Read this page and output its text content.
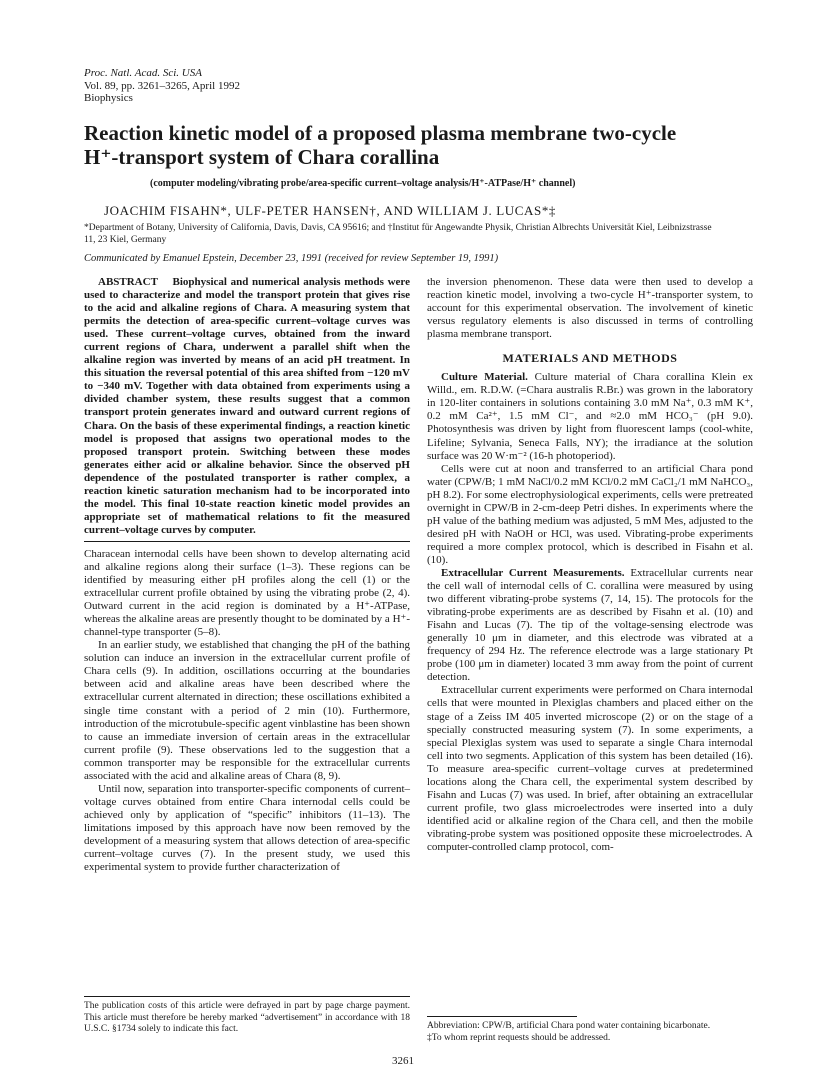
Proc. Natl. Acad. Sci. USA
Vol. 89, pp. 3261–3265, April 1992
Biophysics
Reaction kinetic model of a proposed plasma membrane two-cycle
H⁺-transport system of Chara corallina
(computer modeling/vibrating probe/area-specific current–voltage analysis/H⁺-ATPase/H⁺ channel)
JOACHIM FISAHN*, ULF-PETER HANSEN†, AND WILLIAM J. LUCAS*‡
*Department of Botany, University of California, Davis, Davis, CA 95616; and †Institut für Angewandte Physik, Christian Albrechts Universität Kiel, Leibnizstrasse 11, 23 Kiel, Germany
Communicated by Emanuel Epstein, December 23, 1991 (received for review September 19, 1991)

ABSTRACT Biophysical and numerical analysis methods were used to characterize and model the transport protein that gives rise to the acid and alkaline regions of Chara. A measuring system that permits the detection of area-specific current–voltage curves was used. These current–voltage curves, obtained from the inward current regions of Chara, underwent a parallel shift when the alkaline region was inverted by means of an acid pH treatment. In this situation the reversal potential of this area shifted from −120 mV to −340 mV. Together with data obtained from experiments using a divided chamber system, these results suggest that a common transport protein generates inward and outward current regions of Chara. On the basis of these experimental findings, a reaction kinetic model is proposed that assigns two operational modes to the proposed transport protein. Switching between these modes generates either acid or alkaline behavior. Since the observed pH dependence of the postulated transporter is rather complex, a reaction kinetic saturation mechanism had to be incorporated into the model. This final 10-state reaction kinetic model provides an appropriate set of mathematical relations to fit the measured current–voltage curves by computer.

Characean internodal cells have been shown to develop alternating acid and alkaline regions along their surface (1–3). These regions can be identified by measuring either pH profiles along the cell (1) or the extracellular current profile obtained by using the vibrating probe (2, 4). Outward current in the acid region is dominated by a H⁺-ATPase, whereas the alkaline areas are presently thought to be dominated by a H⁺-channel-type transporter (5–8).

In an earlier study, we established that changing the pH of the bathing solution can induce an inversion in the extracellular current profile of Chara cells (9). In addition, oscillations occurring at the boundaries between acid and alkaline areas have been described where the extracellular current alternated in direction; these oscillations exhibited a single time constant with a period of 2 min (10). Furthermore, introduction of the microtubule-specific agent vinblastine has been shown to cause an immediate inversion of certain areas in the extracellular current profile (9). These observations led to the suggestion that a common transporter may be responsible for the extracellular currents associated with the acid and alkaline areas of Chara (8, 9).

Until now, separation into transporter-specific components of current–voltage curves obtained from entire Chara internodal cells could be achieved only by application of “specific” inhibitors (11–13). The limitations imposed by this approach have now been removed by the development of a measuring system that allows detection of area-specific current–voltage curves (7). In the present study, we used this experimental system to provide further characterization of

the inversion phenomenon. These data were then used to develop a reaction kinetic model, involving a two-cycle H⁺-transporter system, to account for this experimental observation. The involvement of kinetic versus regulatory elements is also discussed in terms of controlling plasma membrane transport.

MATERIALS AND METHODS

Culture Material. Culture material of Chara corallina Klein ex Willd., em. R.D.W. (=Chara australis R.Br.) was grown in the laboratory in 120-liter containers in solutions containing 3.0 mM Na⁺, 0.3 mM K⁺, 0.2 mM Ca²⁺, 1.5 mM Cl⁻, and ≈2.0 mM HCO₃⁻ (pH 9.0). Photosynthesis was driven by light from fluorescent lamps (cool-white, Lifeline; Sylvania, Seneca Falls, NY); the irradiance at the solution surface was 20 W·m⁻² (16-h photoperiod).

Cells were cut at noon and transferred to an artificial Chara pond water (CPW/B; 1 mM NaCl/0.2 mM KCl/0.2 mM CaCl₂/1 mM NaHCO₃, pH 8.2). For some electrophysiological experiments, cells were pretreated overnight in CPW/B in 2-cm-deep Petri dishes. In experiments where the pH value of the bathing medium was adjusted, 5 mM Mes, adjusted to the desired pH with NaOH or HCl, was used. Vibrating-probe experiments required a more complex protocol, which is described in Fisahn et al. (10).

Extracellular Current Measurements. Extracellular currents near the cell wall of internodal cells of C. corallina were measured by using two different vibrating-probe systems (7, 14, 15). The protocols for the vibrating-probe experiments are as described by Fisahn et al. (10) and Fisahn and Lucas (7). The tip of the voltage-sensing electrode was generally 10 μm in diameter, and this electrode was vibrated at a frequency of 294 Hz. The reference electrode was a large stationary Pt probe (100 μm in diameter) located 3 mm away from the point of current detection.

Extracellular current experiments were performed on Chara internodal cells that were mounted in Plexiglas chambers and placed either on the stage of a Zeiss IM 405 inverted microscope (2) or on the stage of a specially constructed measuring system (7). In some experiments, a special Plexiglas system was used to separate a single Chara internodal cell into two segments. Application of this system has been detailed (16). To measure area-specific current–voltage curves at predetermined locations along the Chara cell, the experimental system described by Fisahn and Lucas (7) was used. In brief, after obtaining an extracellular current profile, two glass microelectrodes were inserted into a duly identified acid or alkaline region of the Chara cell, and then the mobile vibrating-probe system was positioned opposite these microelectrodes. A computer-controlled clamp protocol, com-

The publication costs of this article were defrayed in part by page charge payment. This article must therefore be hereby marked “advertisement” in accordance with 18 U.S.C. §1734 solely to indicate this fact.	Abbreviation: CPW/B, artificial Chara pond water containing bicarbonate.
‡To whom reprint requests should be addressed.
3261
